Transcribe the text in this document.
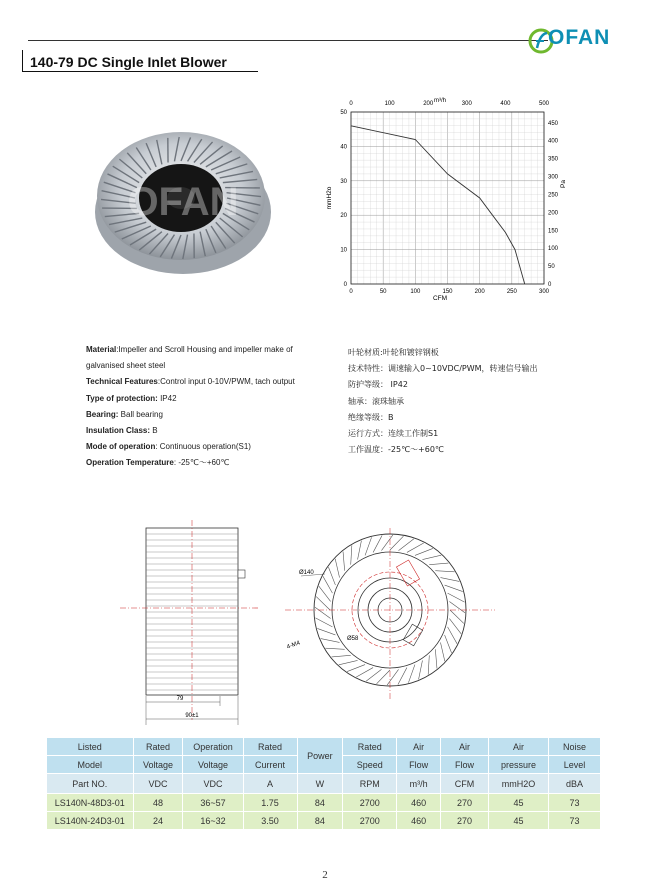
OFAN
140-79 DC Single Inlet Blower
OFAN
0	50	100	150	200	250	300
0
10
20
30
40
50
0	100	200	300	400	500
0
50
100
150
200
250
300
350
400
450
CFM
mmH2o
Pa
m³/h
Material:Impeller and Scroll Housing and impeller make of
galvanised sheet steel
Technical Features:Control input 0-10V/PWM, tach output
Type of protection: IP42
Bearing: Ball bearing
Insulation Class: B
Mode of operation: Continuous operation(S1)
Operation Temperature: -25℃～+60℃
叶轮材质:叶轮和镀锌钢板
技术特性：调速输入0~10VDC/PWM，转速信号输出
防护等级： IP42
轴承：滚珠轴承
绝缘等级：B
运行方式：连续工作制S1
工作温度：-25℃～+60℃
79
90±1
Ø140
Ø58
4-M4
Listed	Rated	Operation	Rated	Power	Rated	Air	Air	Air	Noise
Model	Voltage	Voltage	Current		Speed	Flow	Flow	pressure	Level
Part NO.	VDC	VDC	A	W	RPM	m³/h	CFM	mmH2O	dBA
LS140N-48D3-01	48	36~57	1.75	84	2700	460	270	45	73
LS140N-24D3-01	24	16~32	3.50	84	2700	460	270	45	73
2
